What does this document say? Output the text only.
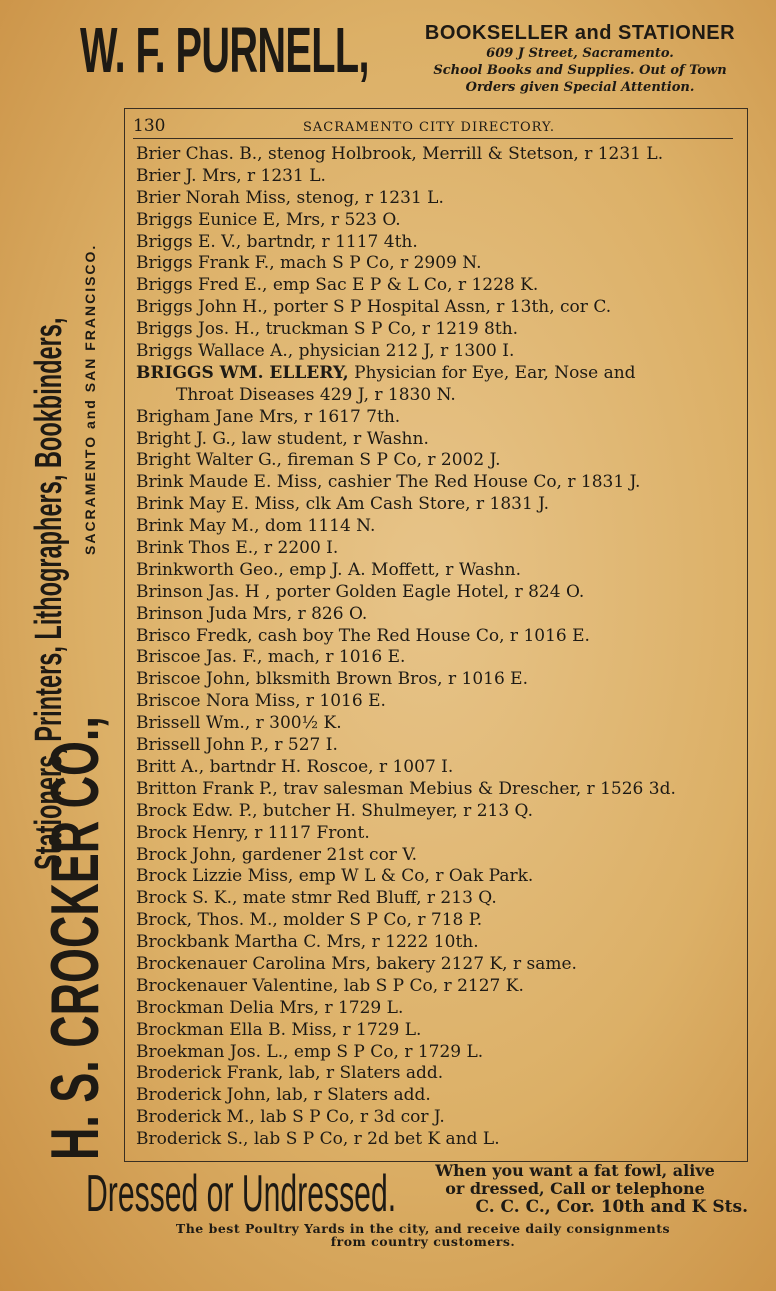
W. F. PURNELL,	BOOKSELLER and STATIONER
609 J Street, Sacramento.
School Books and Supplies. Out of Town
Orders given Special Attention.
H. S. CROCKER CO.,
Stationers, Printers, Lithographers, Bookbinders, SACRAMENTO and SAN FRANCISCO.
130	SACRAMENTO CITY DIRECTORY.
Brier Chas. B., stenog Holbrook, Merrill & Stetson, r 1231 L.
Brier J. Mrs, r 1231 L.
Brier Norah Miss, stenog, r 1231 L.
Briggs Eunice E, Mrs, r 523 O.
Briggs E. V., bartndr, r 1117 4th.
Briggs Frank F., mach S P Co, r 2909 N.
Briggs Fred E., emp Sac E P & L Co, r 1228 K.
Briggs John H., porter S P Hospital Assn, r 13th, cor C.
Briggs Jos. H., truckman S P Co, r 1219 8th.
Briggs Wallace A., physician 212 J, r 1300 I.
BRIGGS WM. ELLERY, Physician for Eye, Ear, Nose and
Throat Diseases 429 J, r 1830 N.
Brigham Jane Mrs, r 1617 7th.
Bright J. G., law student, r Washn.
Bright Walter G., fireman S P Co, r 2002 J.
Brink Maude E. Miss, cashier The Red House Co, r 1831 J.
Brink May E. Miss, clk Am Cash Store, r 1831 J.
Brink May M., dom 1114 N.
Brink Thos E., r 2200 I.
Brinkworth Geo., emp J. A. Moffett, r Washn.
Brinson Jas. H , porter Golden Eagle Hotel, r 824 O.
Brinson Juda Mrs, r 826 O.
Brisco Fredk, cash boy The Red House Co, r 1016 E.
Briscoe Jas. F., mach, r 1016 E.
Briscoe John, blksmith Brown Bros, r 1016 E.
Briscoe Nora Miss, r 1016 E.
Brissell Wm., r 300½ K.
Brissell John P., r 527 I.
Britt A., bartndr H. Roscoe, r 1007 I.
Britton Frank P., trav salesman Mebius & Drescher, r 1526 3d.
Brock Edw. P., butcher H. Shulmeyer, r 213 Q.
Brock Henry, r 1117 Front.
Brock John, gardener 21st cor V.
Brock Lizzie Miss, emp W L & Co, r Oak Park.
Brock S. K., mate stmr Red Bluff, r 213 Q.
Brock, Thos. M., molder S P Co, r 718 P.
Brockbank Martha C. Mrs, r 1222 10th.
Brockenauer Carolina Mrs, bakery 2127 K, r same.
Brockenauer Valentine, lab S P Co, r 2127 K.
Brockman Delia Mrs, r 1729 L.
Brockman Ella B. Miss, r 1729 L.
Broekman Jos. L., emp S P Co, r 1729 L.
Broderick Frank, lab, r Slaters add.
Broderick John, lab, r Slaters add.
Broderick M., lab S P Co, r 3d cor J.
Broderick S., lab S P Co, r 2d bet K and L.
Dressed or Undressed.	When you want a fat fowl, alive
or dressed, Call or telephone
C. C. C., Cor. 10th and K Sts.
The best Poultry Yards in the city, and receive daily consignments
from country customers.
